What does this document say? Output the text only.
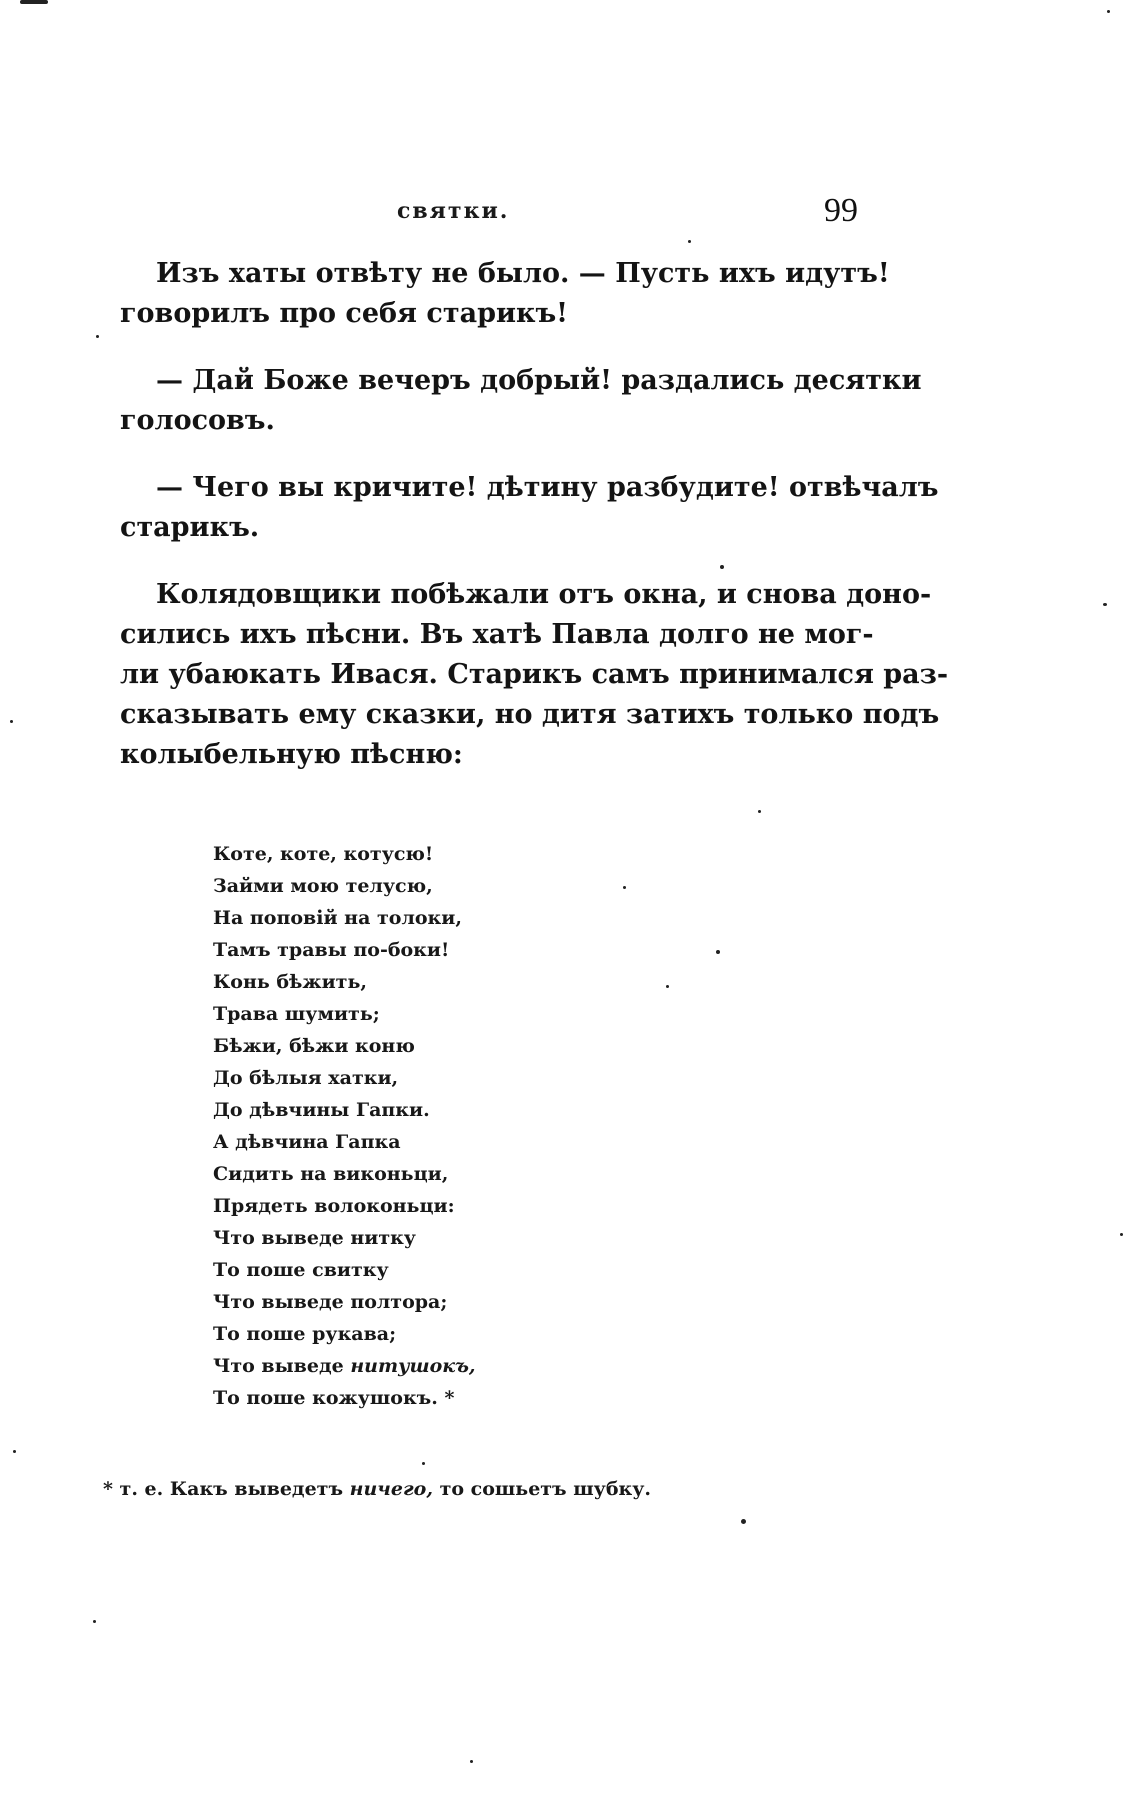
святки.	99
Изъ хаты отвѣту не было. — Пусть ихъ идутъ!
говорилъ про себя старикъ!
— Дай Боже вечеръ добрый! раздались десятки
голосовъ.
— Чего вы кричите! дѣтину разбудите! отвѣчалъ
старикъ.
Колядовщики побѣжали отъ окна, и снова доно-
сились ихъ пѣсни. Въ хатѣ Павла долго не мог-
ли убаюкать Ивася. Старикъ самъ принимался раз-
сказывать ему сказки, но дитя затихъ только подъ
колыбельную пѣсню:
Коте, коте, котусю!
Займи мою телусю,
На поповій на толоки,
Тамъ травы по-боки!
Конь бѣжить,
Трава шумить;
Бѣжи, бѣжи коню
До бѣлыя хатки,
До дѣвчины Гапки.
А дѣвчина Гапка
Сидить на виконьци,
Прядеть волоконьци:
Что выведе нитку
То поше свитку
Что выведе полтора;
То поше рукава;
Что выведе нитушокъ,
То поше кожушокъ. *
* т. е. Какъ выведетъ ничего, то сошьетъ шубку.
